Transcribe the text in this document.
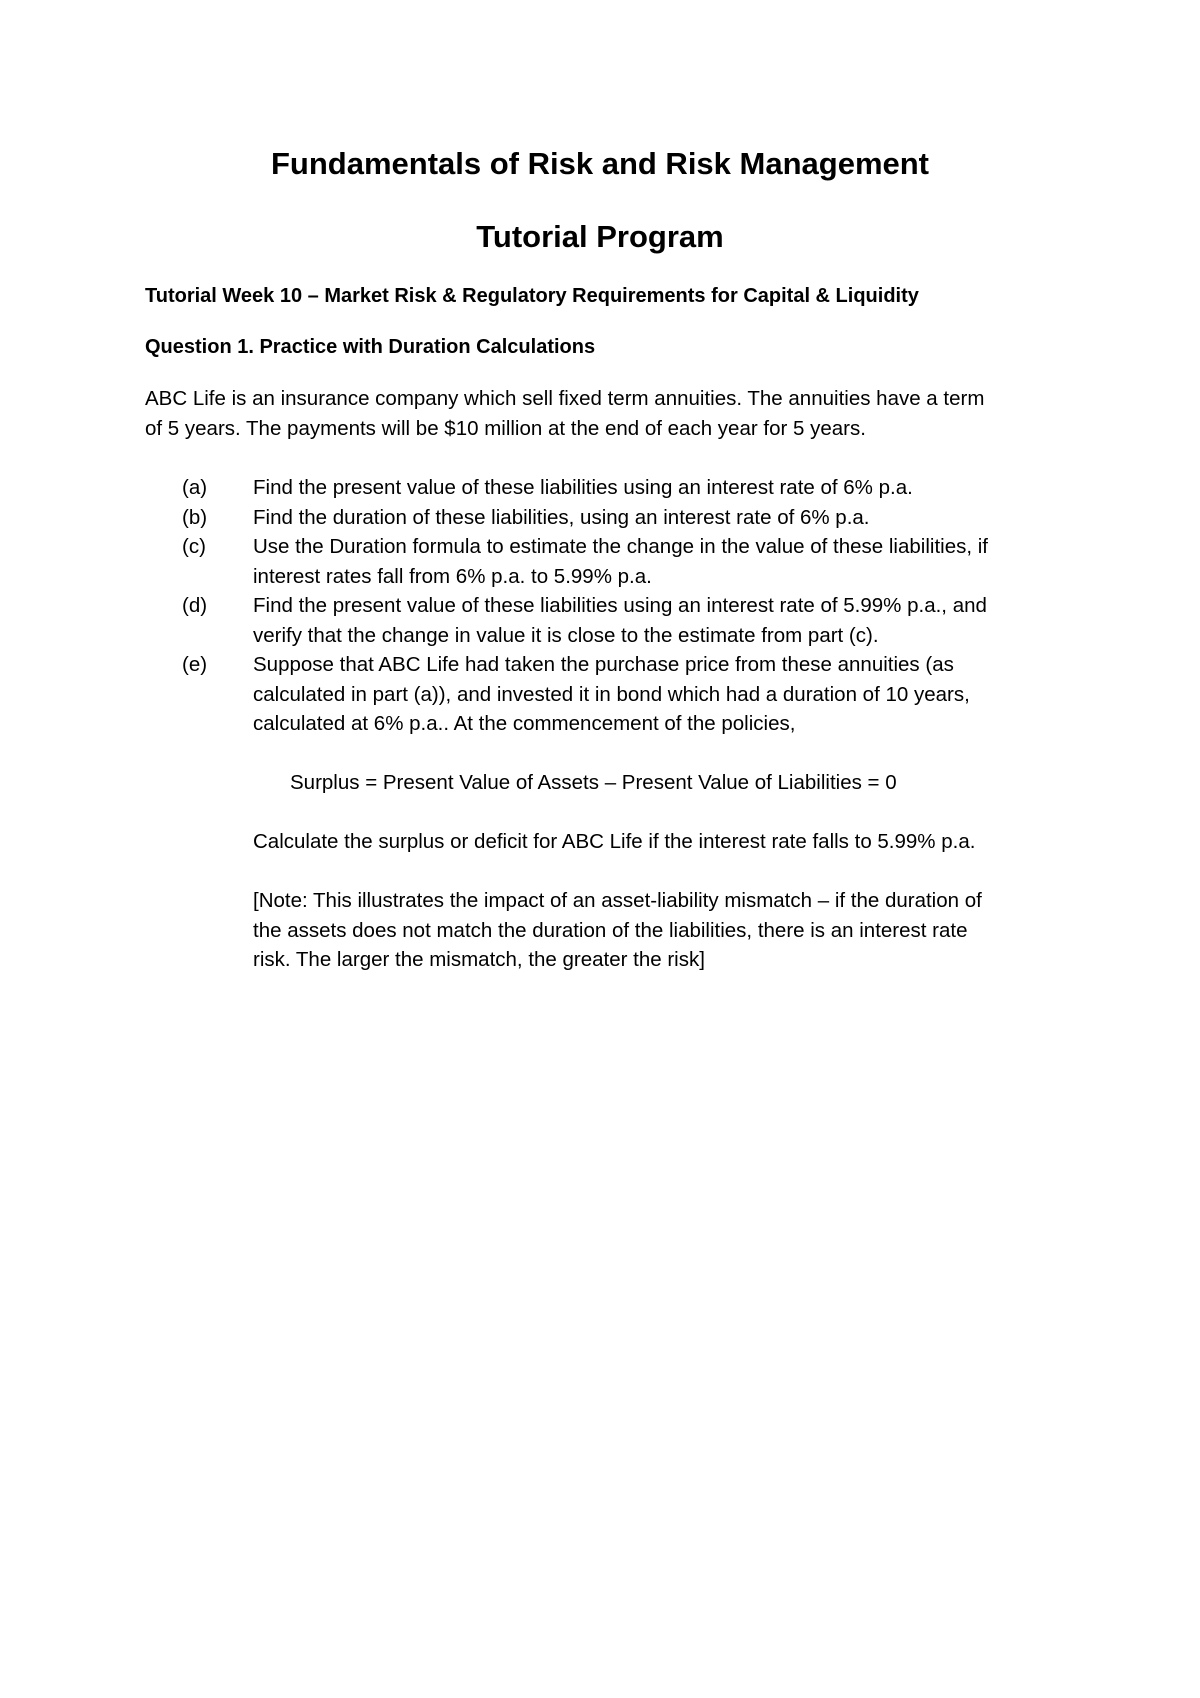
Fundamentals of Risk and Risk Management
Tutorial Program
Tutorial Week 10 – Market Risk & Regulatory Requirements for Capital & Liquidity
Question 1. Practice with Duration Calculations

ABC Life is an insurance company which sell fixed term annuities. The annuities have a term
of 5 years. The payments will be $10 million at the end of each year for 5 years.

(a)	Find the present value of these liabilities using an interest rate of 6% p.a.
(b)	Find the duration of these liabilities, using an interest rate of 6% p.a.
(c)	Use the Duration formula to estimate the change in the value of these liabilities, if
interest rates fall from 6% p.a. to 5.99% p.a.
(d)	Find the present value of these liabilities using an interest rate of 5.99% p.a., and
verify that the change in value it is close to the estimate from part (c).
(e)	Suppose that ABC Life had taken the purchase price from these annuities (as
calculated in part (a)), and invested it in bond which had a duration of 10 years,
calculated at 6% p.a.. At the commencement of the policies,
Surplus = Present Value of Assets – Present Value of Liabilities = 0
Calculate the surplus or deficit for ABC Life if the interest rate falls to 5.99% p.a.
[Note: This illustrates the impact of an asset-liability mismatch – if the duration of
the assets does not match the duration of the liabilities, there is an interest rate
risk. The larger the mismatch, the greater the risk]
